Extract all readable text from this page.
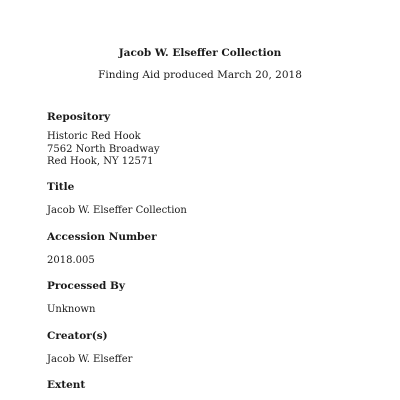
Jacob W. Elseffer Collection
Finding Aid produced March 20, 2018
Repository
Historic Red Hook
7562 North Broadway
Red Hook, NY 12571
Title
Jacob W. Elseffer Collection
Accession Number
2018.005
Processed By
Unknown
Creator(s)
Jacob W. Elseffer
Extent
